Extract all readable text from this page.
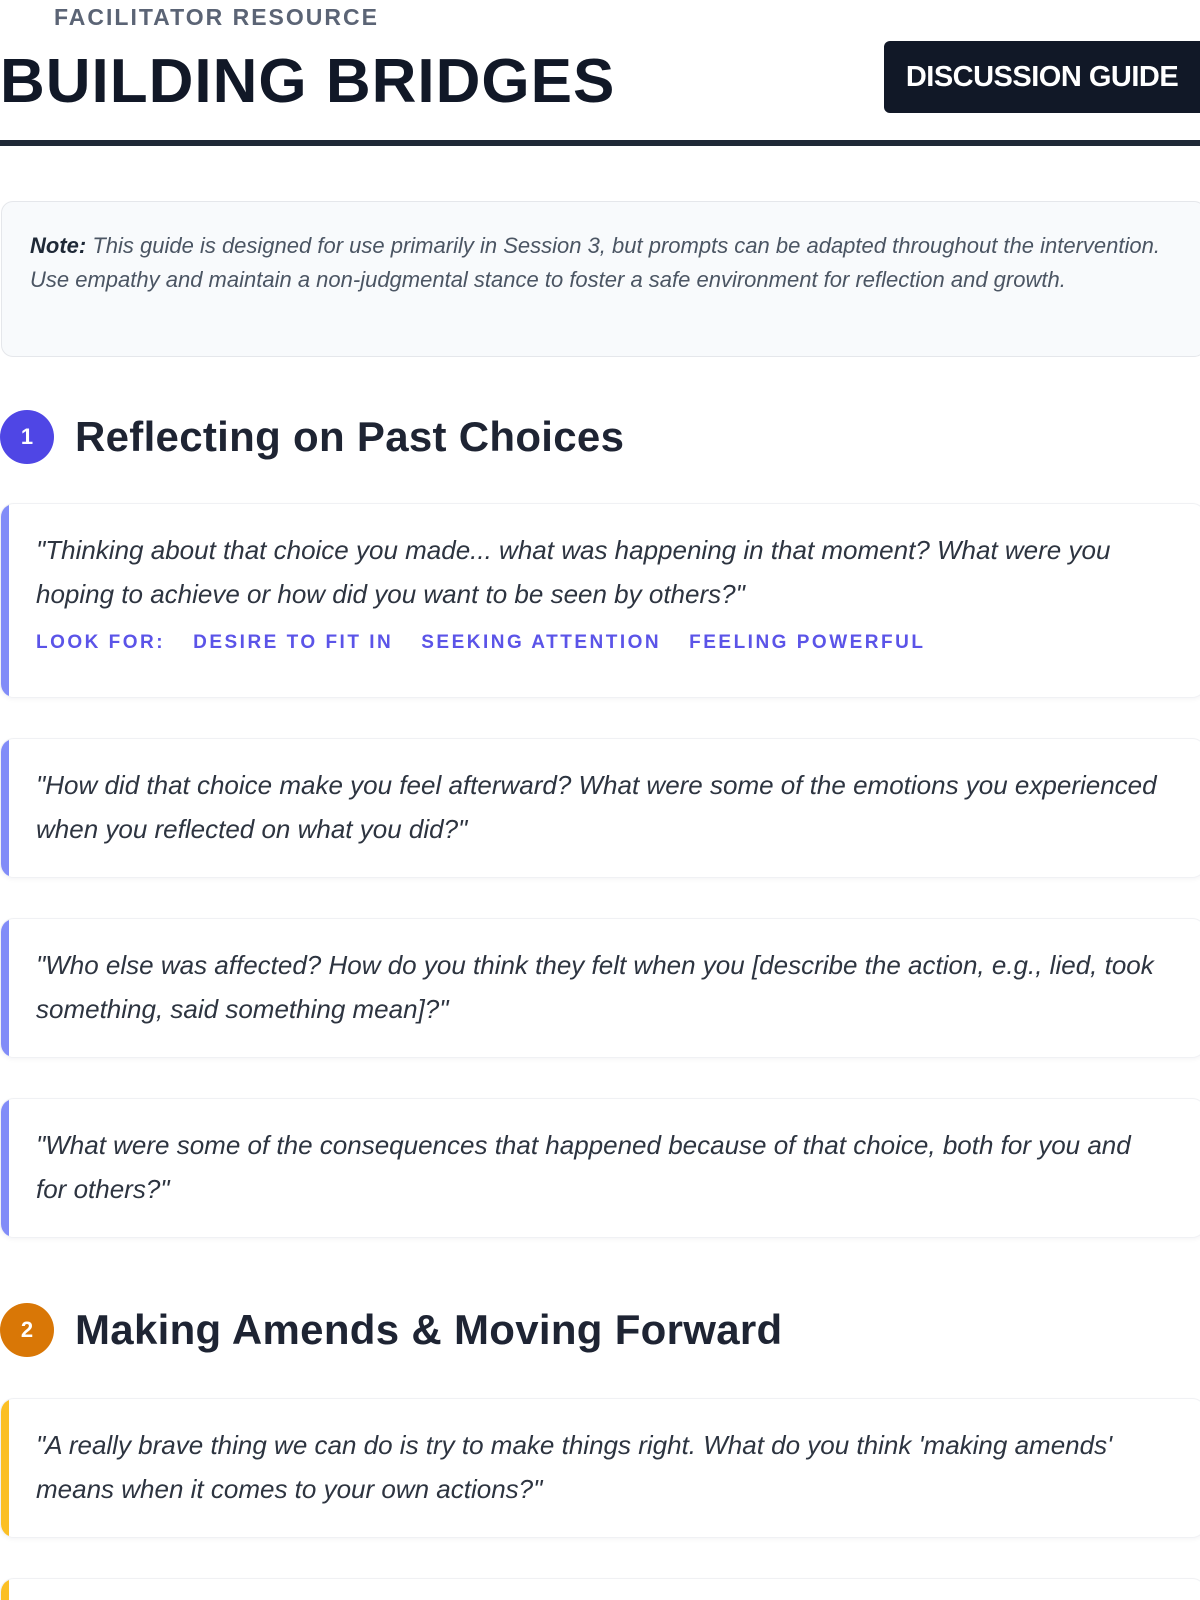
FACILITATOR RESOURCE
BUILDING BRIDGES	DISCUSSION GUIDE
Note: This guide is designed for use primarily in Session 3, but prompts can be adapted throughout the intervention. Use empathy and maintain a non-judgmental stance to foster a safe environment for reflection and growth.
1 Reflecting on Past Choices

"Thinking about that choice you made... what was happening in that moment? What were you hoping to achieve or how did you want to be seen by others?"

LOOK FOR: DESIRE TO FIT IN SEEKING ATTENTION FEELING POWERFUL

"How did that choice make you feel afterward? What were some of the emotions you experienced when you reflected on what you did?"

"Who else was affected? How do you think they felt when you [describe the action, e.g., lied, took something, said something mean]?"

"What were some of the consequences that happened because of that choice, both for you and for others?"

2 Making Amends & Moving Forward

"A really brave thing we can do is try to make things right. What do you think 'making amends' means when it comes to your own actions?"
